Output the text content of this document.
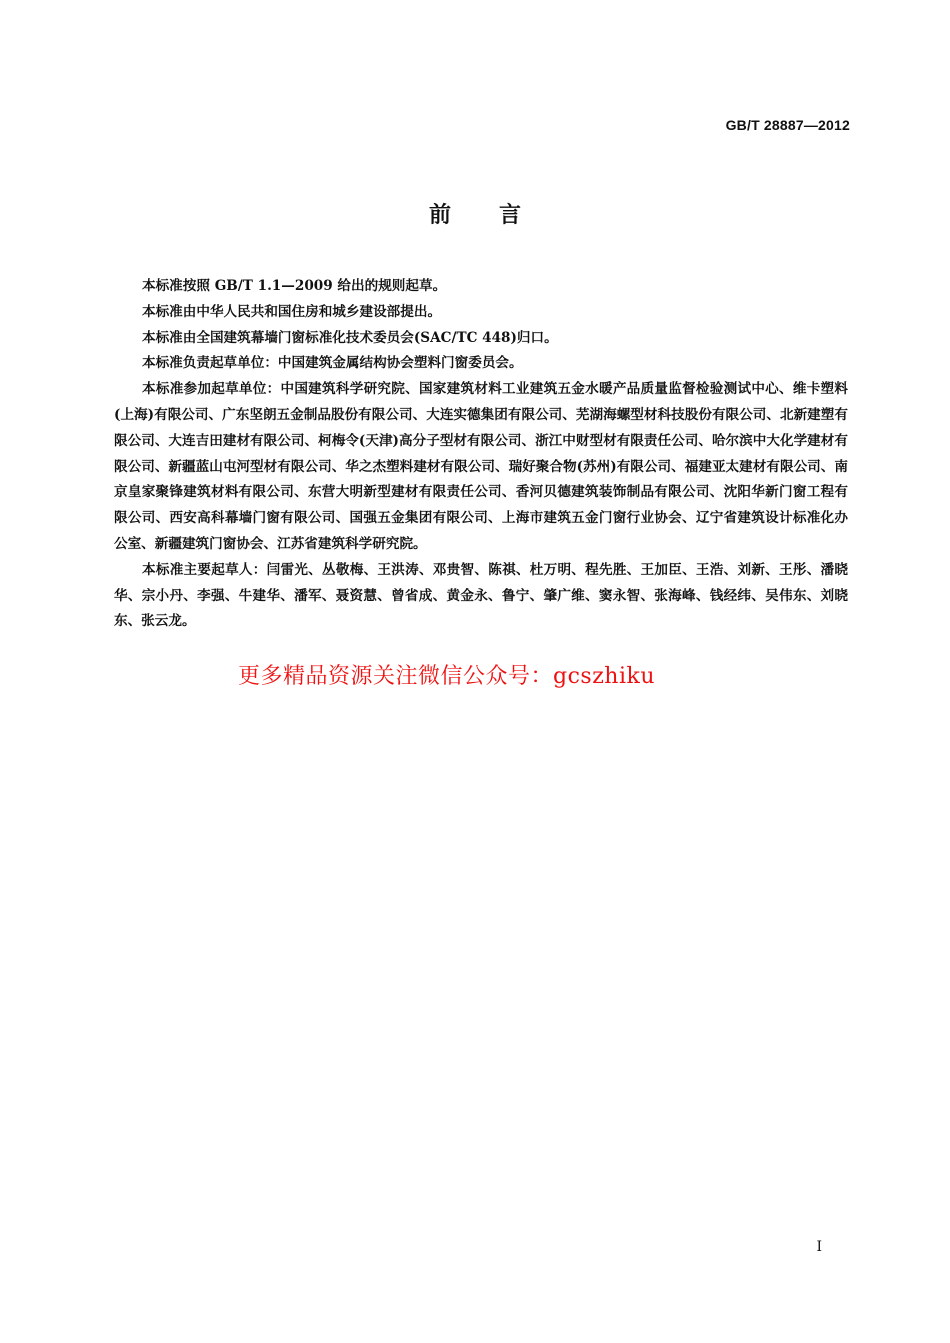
GB/T 28887—2012
前言

本标准按照 GB/T 1.1—2009 给出的规则起草。

本标准由中华人民共和国住房和城乡建设部提出。

本标准由全国建筑幕墙门窗标准化技术委员会(SAC/TC 448)归口。

本标准负责起草单位：中国建筑金属结构协会塑料门窗委员会。

本标准参加起草单位：中国建筑科学研究院、国家建筑材料工业建筑五金水暖产品质量监督检验测试中心、维卡塑料(上海)有限公司、广东坚朗五金制品股份有限公司、大连实德集团有限公司、芜湖海螺型材科技股份有限公司、北新建塑有限公司、大连吉田建材有限公司、柯梅令(天津)高分子型材有限公司、浙江中财型材有限责任公司、哈尔滨中大化学建材有限公司、新疆蓝山屯河型材有限公司、华之杰塑料建材有限公司、瑞好聚合物(苏州)有限公司、福建亚太建材有限公司、南京皇家聚锋建筑材料有限公司、东营大明新型建材有限责任公司、香河贝德建筑装饰制品有限公司、沈阳华新门窗工程有限公司、西安高科幕墙门窗有限公司、国强五金集团有限公司、上海市建筑五金门窗行业协会、辽宁省建筑设计标准化办公室、新疆建筑门窗协会、江苏省建筑科学研究院。

本标准主要起草人：闫雷光、丛敬梅、王洪涛、邓贵智、陈祺、杜万明、程先胜、王加臣、王浩、刘新、王彤、潘晓华、宗小丹、李强、牛建华、潘军、聂资慧、曾省成、黄金永、鲁宁、肇广维、窦永智、张海峰、钱经纬、吴伟东、刘晓东、张云龙。

更多精品资源关注微信公众号：gcszhiku
I
